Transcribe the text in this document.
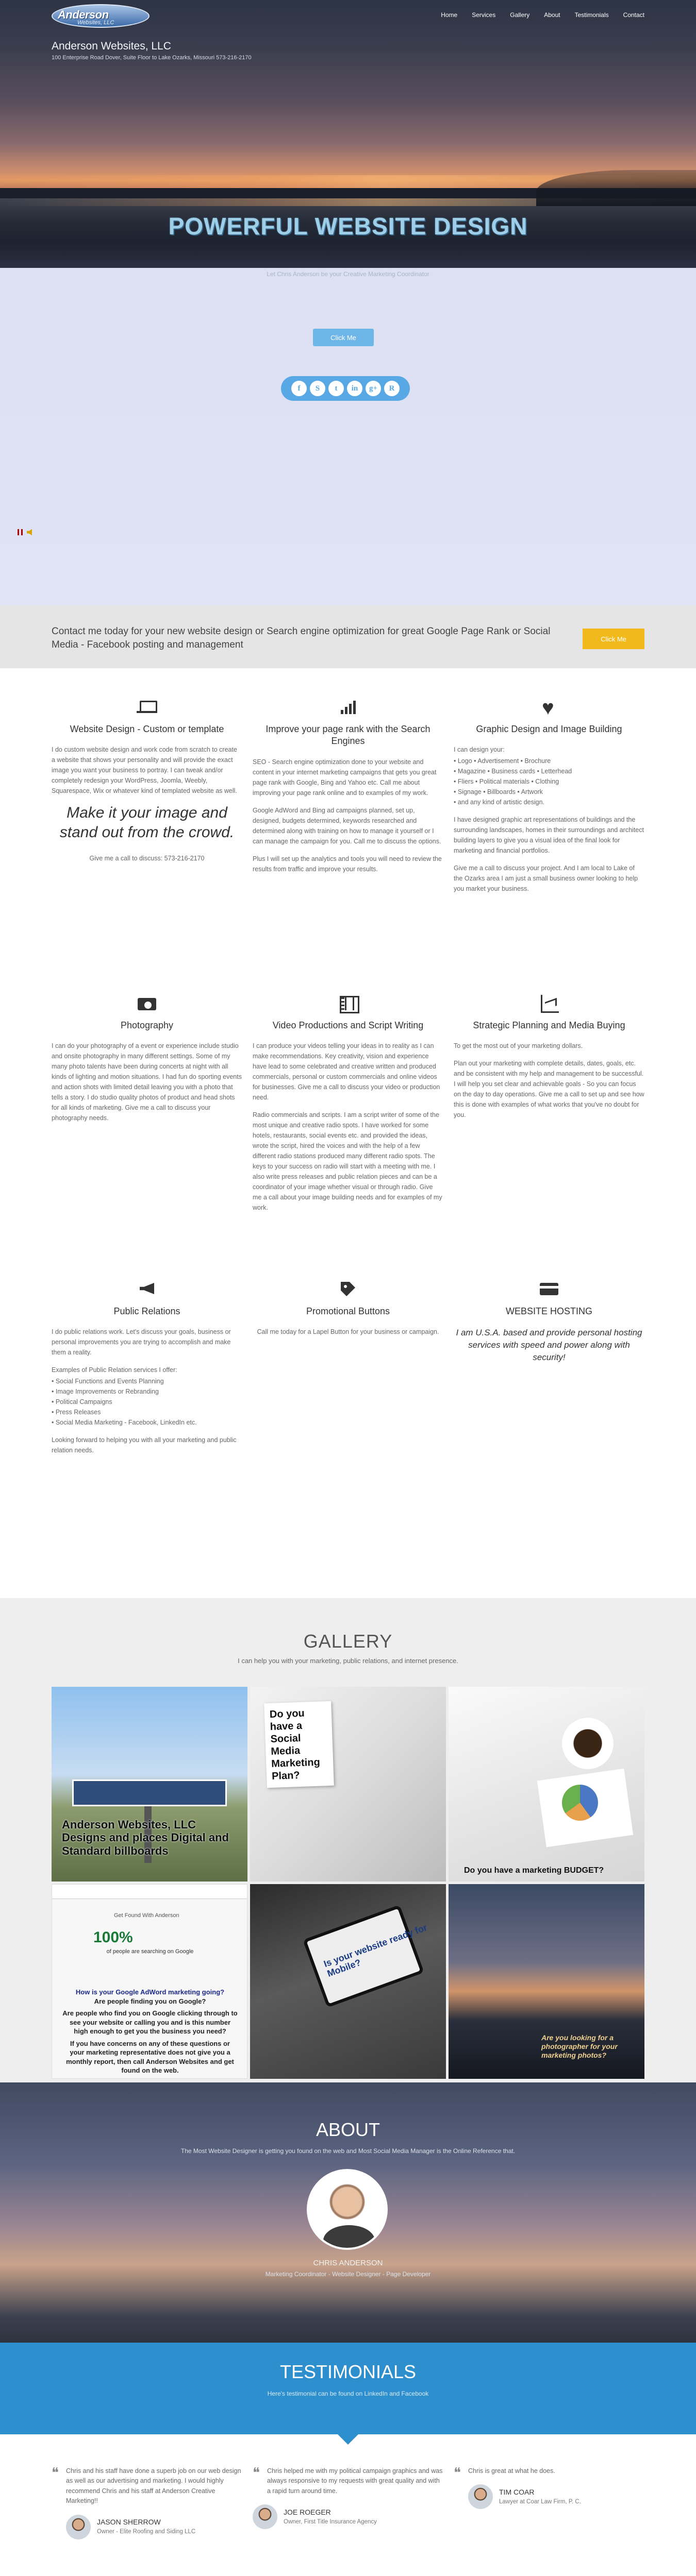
Anderson
Websites, LLC
Anderson Websites, LLC
100 Enterprise Road Dover, Suite Floor to Lake Ozarks, Missouri 573-216-2170
Home Services Gallery About Testimonials Contact
POWERFUL WEBSITE DESIGN
Let Chris Anderson be your Creative Marketing Coordinator
Click Me
f	S	t	in	g+	R

Contact me today for your new website design or Search engine optimization for great Google Page Rank or Social Media - Facebook posting and management

Click Me
Website Design - Custom or template

I do custom website design and work code from scratch to create a website that shows your personality and will provide the exact image you want your business to portray. I can tweak and/or completely redesign your WordPress, Joomla, Weebly, Squarespace, Wix or whatever kind of templated website as well.

Make it your image and stand out from the crowd.

Give me a call to discuss: 573-216-2170

Improve your page rank with the Search Engines

SEO - Search engine optimization done to your website and content in your internet marketing campaigns that gets you great page rank with Google, Bing and Yahoo etc. Call me about improving your page rank online and to examples of my work.

Google AdWord and Bing ad campaigns planned, set up, designed, budgets determined, keywords researched and determined along with training on how to manage it yourself or I can manage the campaign for you. Call me to discuss the options.

Plus I will set up the analytics and tools you will need to review the results from traffic and improve your results.

♥
Graphic Design and Image Building

I can design your:

• Logo • Advertisement • Brochure
• Magazine • Business cards • Letterhead
• Fliers • Political materials • Clothing
• Signage • Billboards • Artwork
• and any kind of artistic design.

I have designed graphic art representations of buildings and the surrounding landscapes, homes in their surroundings and architect building layers to give you a visual idea of the final look for marketing and financial portfolios.

Give me a call to discuss your project. And I am local to Lake of the Ozarks area I am just a small business owner looking to help you market your business.

Photography

I can do your photography of a event or experience include studio and onsite photography in many different settings. Some of my many photo talents have been during concerts at night with all kinds of lighting and motion situations. I had fun do sporting events and action shots with limited detail leaving you with a photo that tells a story. I do studio quality photos of product and head shots for all kinds of marketing. Give me a call to discuss your photography needs.

Video Productions and Script Writing

I can produce your videos telling your ideas in to reality as I can make recommendations. Key creativity, vision and experience have lead to some celebrated and creative written and produced commercials, personal or custom commercials and online videos for businesses. Give me a call to discuss your video or production need.

Radio commercials and scripts. I am a script writer of some of the most unique and creative radio spots. I have worked for some hotels, restaurants, social events etc. and provided the ideas, wrote the script, hired the voices and with the help of a few different radio stations produced many different radio spots. The keys to your success on radio will start with a meeting with me. I also write press releases and public relation pieces and can be a coordinator of your image whether visual or through radio. Give me a call about your image building needs and for examples of my work.

Strategic Planning and Media Buying

To get the most out of your marketing dollars.

Plan out your marketing with complete details, dates, goals, etc. and be consistent with my help and management to be successful. I will help you set clear and achievable goals - So you can focus on the day to day operations. Give me a call to set up and see how this is done with examples of what works that you've no doubt for you.

Public Relations

I do public relations work. Let's discuss your goals, business or personal improvements you are trying to accomplish and make them a reality.

Examples of Public Relation services I offer:

• Social Functions and Events Planning
• Image Improvements or Rebranding
• Political Campaigns
• Press Releases
• Social Media Marketing - Facebook, LinkedIn etc.

Looking forward to helping you with all your marketing and public relation needs.

Promotional Buttons

Call me today for a Lapel Button for your business or campaign.

WEBSITE HOSTING
I am U.S.A. based and provide personal hosting services with speed and power along with security!
GALLERY
I can help you with your marketing, public relations, and internet presence.
Anderson Websites, LLC Designs and places Digital and Standard billboards
Do you have a Social Media Marketing Plan?
Do you have a marketing BUDGET?
Get Found With Anderson
100%
of people are searching on Google
How is your Google AdWord marketing going?
Are people finding you on Google?
Are people who find you on Google clicking through to see your website or calling you and is this number high enough to get you the business you need?
If you have concerns on any of these questions or your marketing representative does not give you a monthly report, then call Anderson Websites and get found on the web.
Is your website ready for Mobile?
Are you looking for a photographer for your marketing photos?
ABOUT
The Most Website Designer is getting you found on the web and Most Social Media Manager is the Online Reference that.
CHRIS ANDERSON
Marketing Coordinator - Website Designer - Page Developer
TESTIMONIALS
Here's testimonial can be found on LinkedIn and Facebook
❝ Chris and his staff have done a superb job on our web design as well as our advertising and marketing. I would highly recommend Chris and his staff at Anderson Creative Marketing!!

JASON SHERROW
Owner - Elite Roofing and Siding LLC
❝ Chris helped me with my political campaign graphics and was always responsive to my requests with great quality and with a rapid turn around time.

JOE ROEGER
Owner, First Title Insurance Agency
❝ Chris is great at what he does.

TIM COAR
Lawyer at Coar Law Firm, P. C.
